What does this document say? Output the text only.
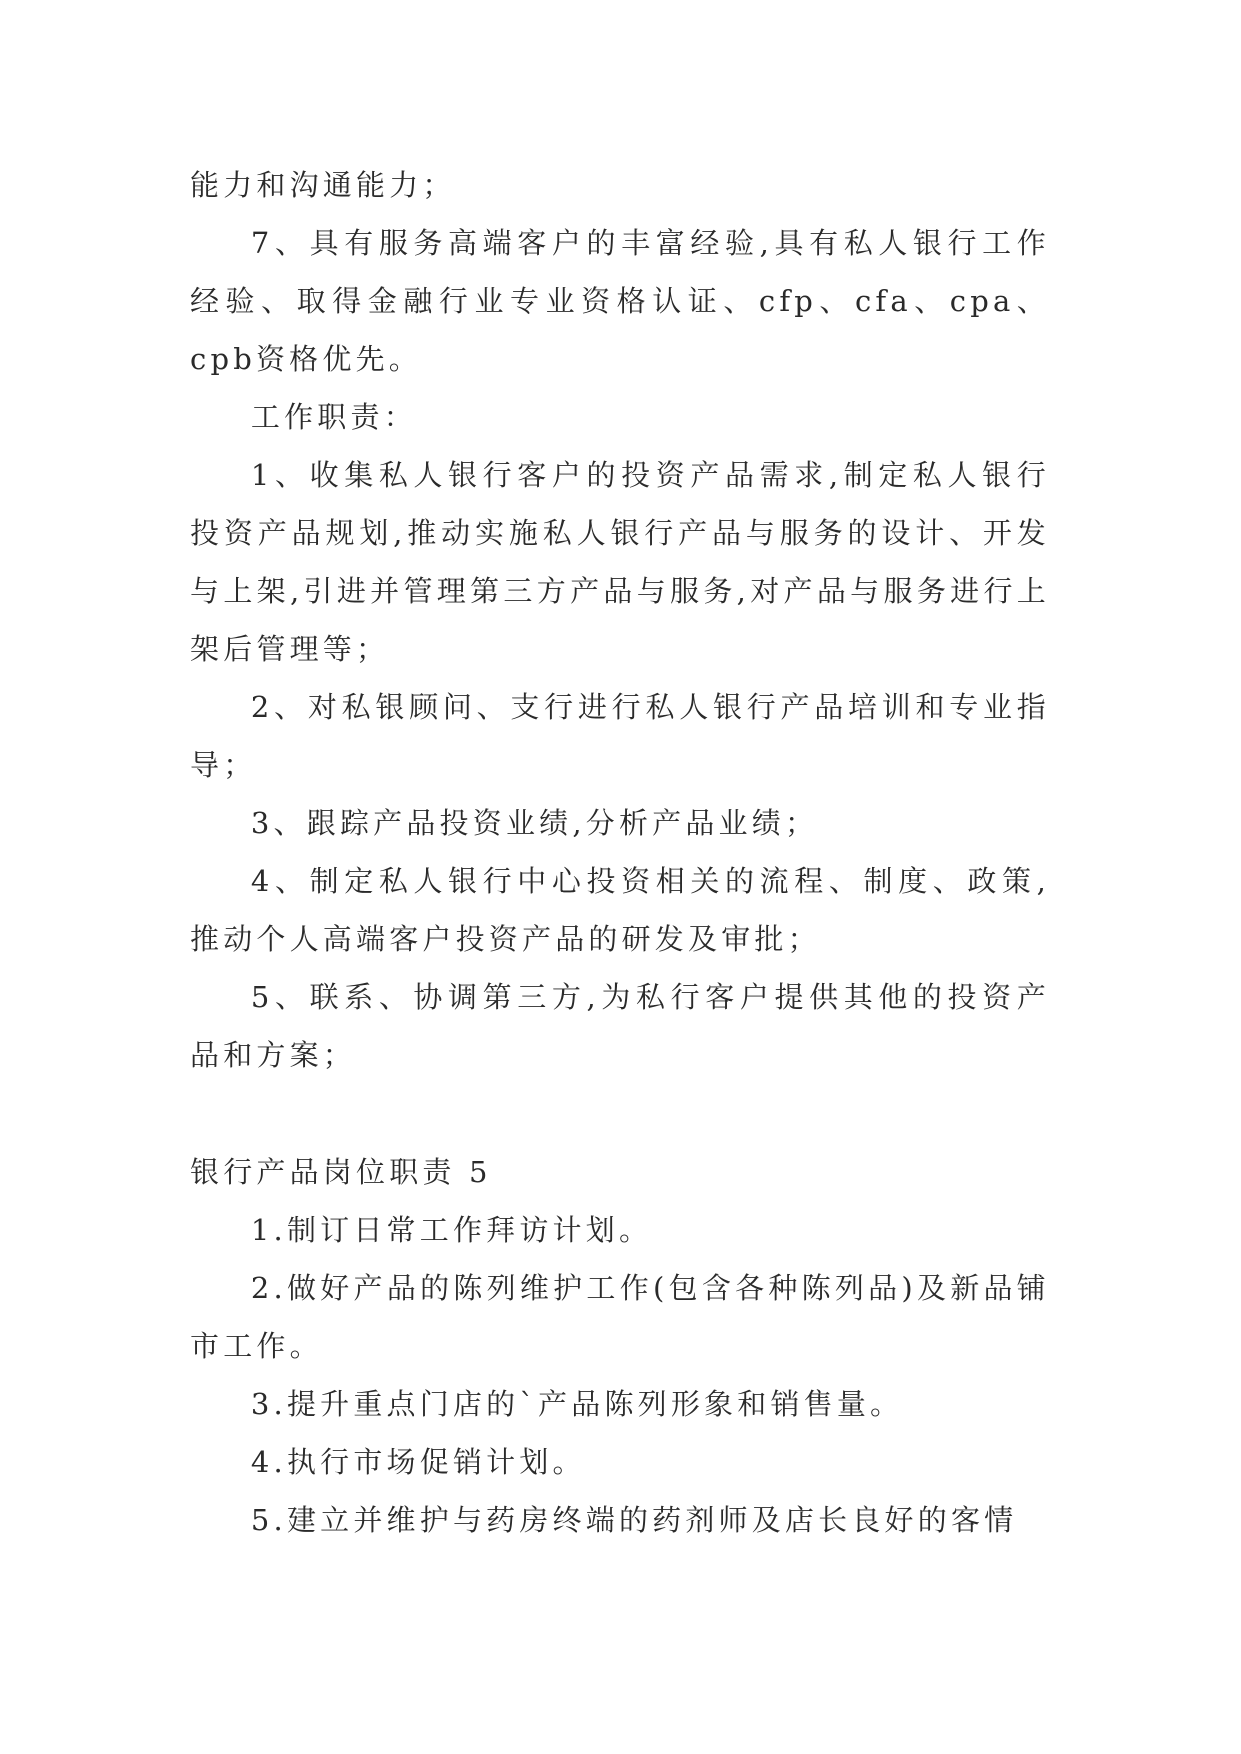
能力和沟通能力；

7、具有服务高端客户的丰富经验,具有私人银行工作经验、取得金融行业专业资格认证、cfp、cfa、cpa、cpb资格优先。

工作职责：

1、收集私人银行客户的投资产品需求,制定私人银行投资产品规划,推动实施私人银行产品与服务的设计、开发与上架,引进并管理第三方产品与服务,对产品与服务进行上架后管理等；

2、对私银顾问、支行进行私人银行产品培训和专业指导；

3、跟踪产品投资业绩,分析产品业绩；

4、制定私人银行中心投资相关的流程、制度、政策,推动个人高端客户投资产品的研发及审批；

5、联系、协调第三方,为私行客户提供其他的投资产品和方案；

银行产品岗位职责 5

1.制订日常工作拜访计划。

2.做好产品的陈列维护工作(包含各种陈列品)及新品铺市工作。

3.提升重点门店的`产品陈列形象和销售量。

4.执行市场促销计划。

5.建立并维护与药房终端的药剂师及店长良好的客情
